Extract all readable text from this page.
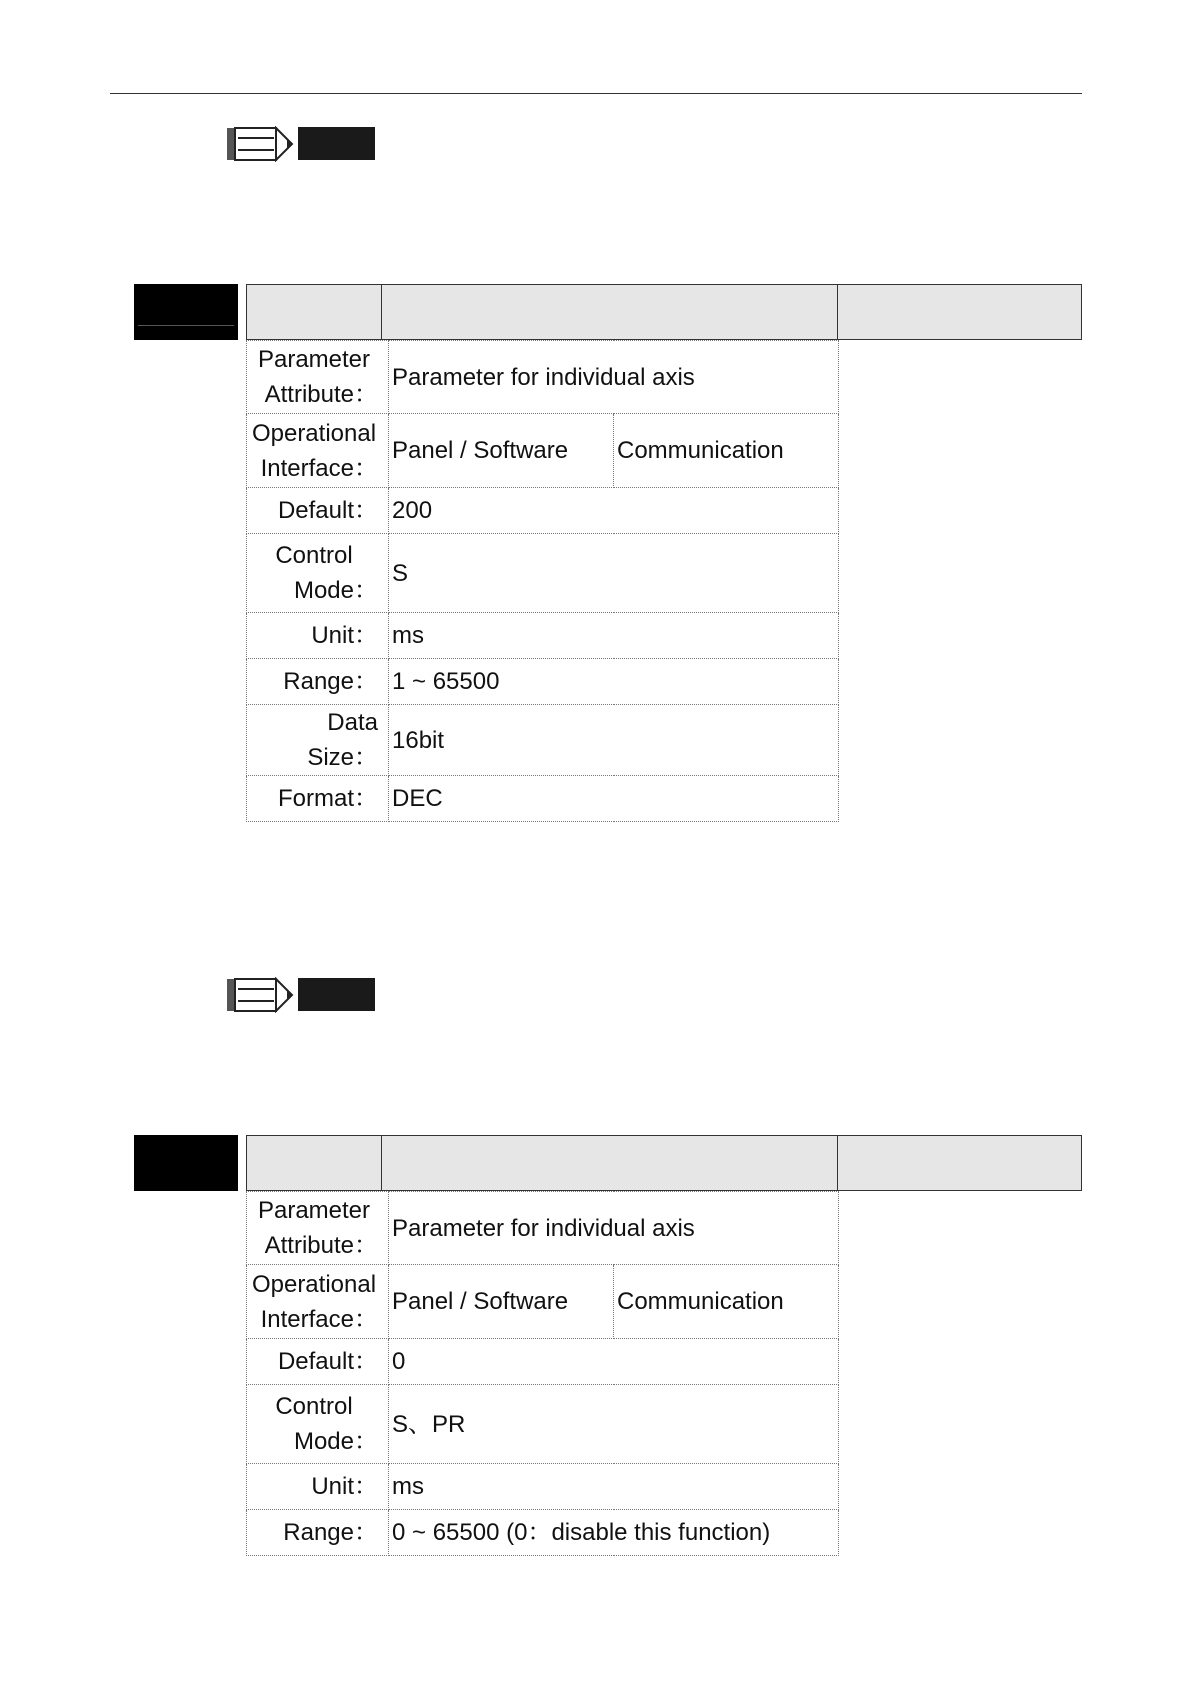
Parameter
Attribute：	Parameter for individual axis	

Operational
Interface：	Panel / Software	Communication
Default：	200	

Control
Mode：	S	
Unit：	ms	
Range：	1 ~ 65500	
Data Size：	16bit	
Format：	DEC	
Parameter
Attribute：	Parameter for individual axis	

Operational
Interface：	Panel / Software	Communication
Default：	0	

Control
Mode：	S、PR	
Unit：	ms	
Range：	0 ~ 65500 (0：disable this function)	
